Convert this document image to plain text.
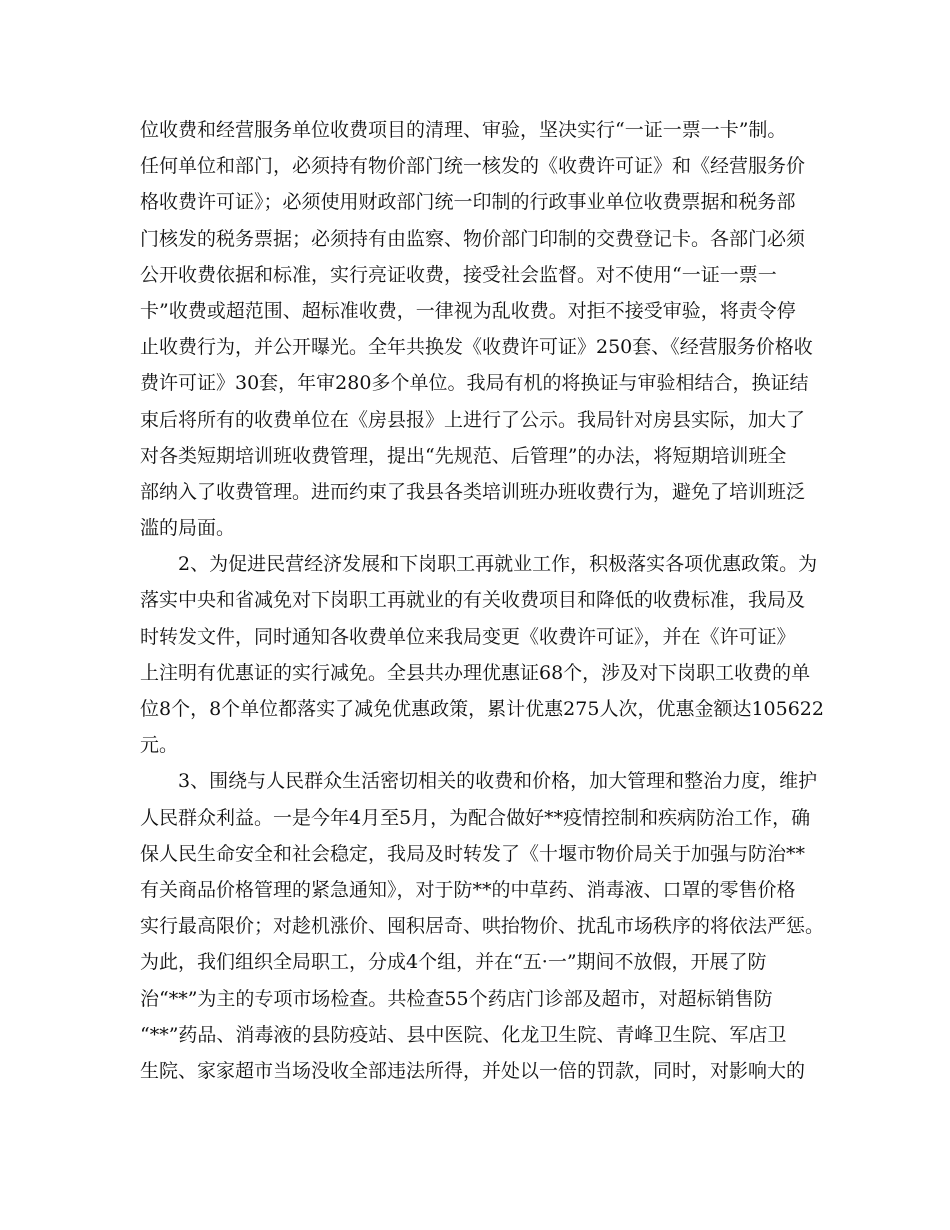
位收费和经营服务单位收费项目的清理、审验，坚决实行“一证一票一卡”制。
任何单位和部门，必须持有物价部门统一核发的《收费许可证》和《经营服务价
格收费许可证》；必须使用财政部门统一印制的行政事业单位收费票据和税务部
门核发的税务票据；必须持有由监察、物价部门印制的交费登记卡。各部门必须
公开收费依据和标准，实行亮证收费，接受社会监督。对不使用“一证一票一
卡”收费或超范围、超标准收费，一律视为乱收费。对拒不接受审验，将责令停
止收费行为，并公开曝光。全年共换发《收费许可证》250套、《经营服务价格收
费许可证》30套，年审280多个单位。我局有机的将换证与审验相结合，换证结
束后将所有的收费单位在《房县报》上进行了公示。我局针对房县实际，加大了
对各类短期培训班收费管理，提出“先规范、后管理”的办法，将短期培训班全
部纳入了收费管理。进而约束了我县各类培训班办班收费行为，避免了培训班泛
滥的局面。
2、为促进民营经济发展和下岗职工再就业工作，积极落实各项优惠政策。为
落实中央和省减免对下岗职工再就业的有关收费项目和降低的收费标准，我局及
时转发文件，同时通知各收费单位来我局变更《收费许可证》，并在《许可证》
上注明有优惠证的实行减免。全县共办理优惠证68个，涉及对下岗职工收费的单
位8个，8个单位都落实了减免优惠政策，累计优惠275人次，优惠金额达105622
元。
3、围绕与人民群众生活密切相关的收费和价格，加大管理和整治力度，维护
人民群众利益。一是今年4月至5月，为配合做好**疫情控制和疾病防治工作，确
保人民生命安全和社会稳定，我局及时转发了《十堰市物价局关于加强与防治**
有关商品价格管理的紧急通知》，对于防**的中草药、消毒液、口罩的零售价格
实行最高限价；对趁机涨价、囤积居奇、哄抬物价、扰乱市场秩序的将依法严惩。
为此，我们组织全局职工，分成4个组，并在“五·一”期间不放假，开展了防
治“**”为主的专项市场检查。共检查55个药店门诊部及超市，对超标销售防
“**”药品、消毒液的县防疫站、县中医院、化龙卫生院、青峰卫生院、军店卫
生院、家家超市当场没收全部违法所得，并处以一倍的罚款，同时，对影响大的
